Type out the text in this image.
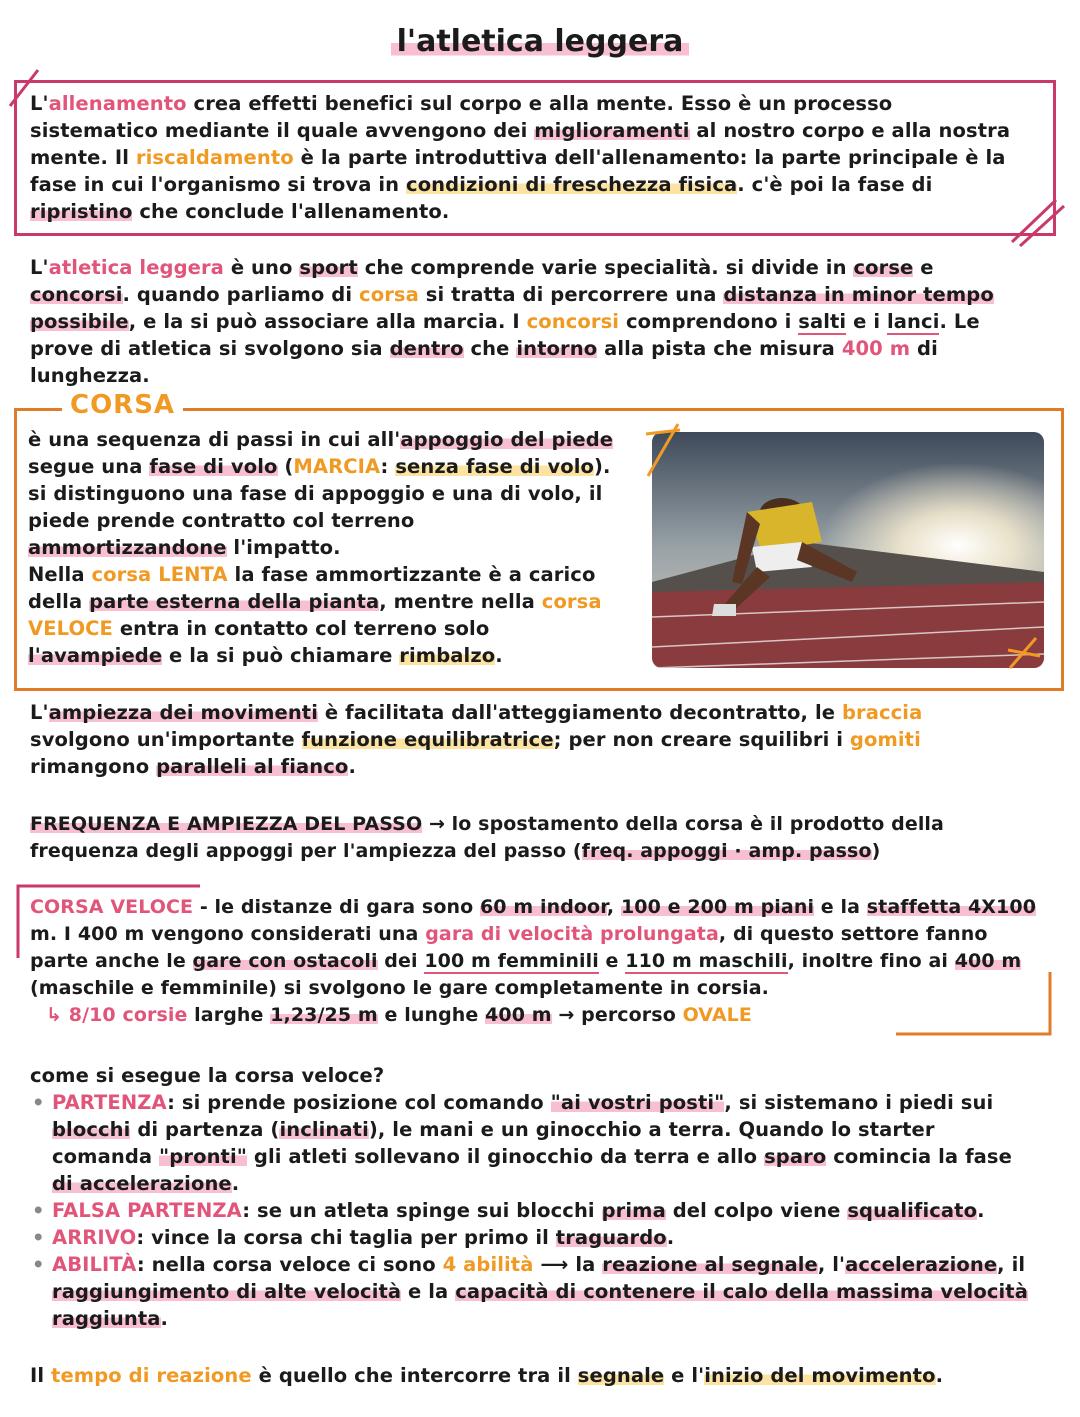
l'atletica leggera
L'allenamento crea effetti benefici sul corpo e alla mente. Esso è un processo
sistematico mediante il quale avvengono dei miglioramenti al nostro corpo e alla nostra
mente. Il riscaldamento è la parte introduttiva dell'allenamento: la parte principale è la
fase in cui l'organismo si trova in condizioni di freschezza fisica. c'è poi la fase di
ripristino che conclude l'allenamento.
L'atletica leggera è uno sport che comprende varie specialità. si divide in corse e
concorsi. quando parliamo di corsa si tratta di percorrere una distanza in minor tempo
possibile, e la si può associare alla marcia. I concorsi comprendono i salti e i lanci. Le
prove di atletica si svolgono sia dentro che intorno alla pista che misura 400 m di
lunghezza.
CORSA
è una sequenza di passi in cui all'appoggio del piede
segue una fase di volo (MARCIA: senza fase di volo).
si distinguono una fase di appoggio e una di volo, il
piede prende contratto col terreno
ammortizzandone l'impatto.
Nella corsa LENTA la fase ammortizzante è a carico
della parte esterna della pianta, mentre nella corsa
VELOCE entra in contatto col terreno solo
l'avampiede e la si può chiamare rimbalzo.
L'ampiezza dei movimenti è facilitata dall'atteggiamento decontratto, le braccia
svolgono un'importante funzione equilibratrice; per non creare squilibri i gomiti
rimangono paralleli al fianco.
FREQUENZA E AMPIEZZA DEL PASSO → lo spostamento della corsa è il prodotto della
frequenza degli appoggi per l'ampiezza del passo (freq. appoggi · amp. passo)
CORSA VELOCE - le distanze di gara sono 60 m indoor, 100 e 200 m piani e la staffetta 4X100
m. I 400 m vengono considerati una gara di velocità prolungata, di questo settore fanno
parte anche le gare con ostacoli dei 100 m femminili e 110 m maschili, inoltre fino ai 400 m
(maschile e femminile) si svolgono le gare completamente in corsia.
↳ 8/10 corsie larghe 1,23/25 m e lunghe 400 m → percorso OVALE
come si esegue la corsa veloce?
• PARTENZA: si prende posizione col comando "ai vostri posti", si sistemano i piedi sui
blocchi di partenza (inclinati), le mani e un ginocchio a terra. Quando lo starter
comanda "pronti" gli atleti sollevano il ginocchio da terra e allo sparo comincia la fase
di accelerazione.
• FALSA PARTENZA: se un atleta spinge sui blocchi prima del colpo viene squalificato.
• ARRIVO: vince la corsa chi taglia per primo il traguardo.
• ABILITÀ: nella corsa veloce ci sono 4 abilità ⟶ la reazione al segnale, l'accelerazione, il
raggiungimento di alte velocità e la capacità di contenere il calo della massima velocità
raggiunta.
Il tempo di reazione è quello che intercorre tra il segnale e l'inizio del movimento.
